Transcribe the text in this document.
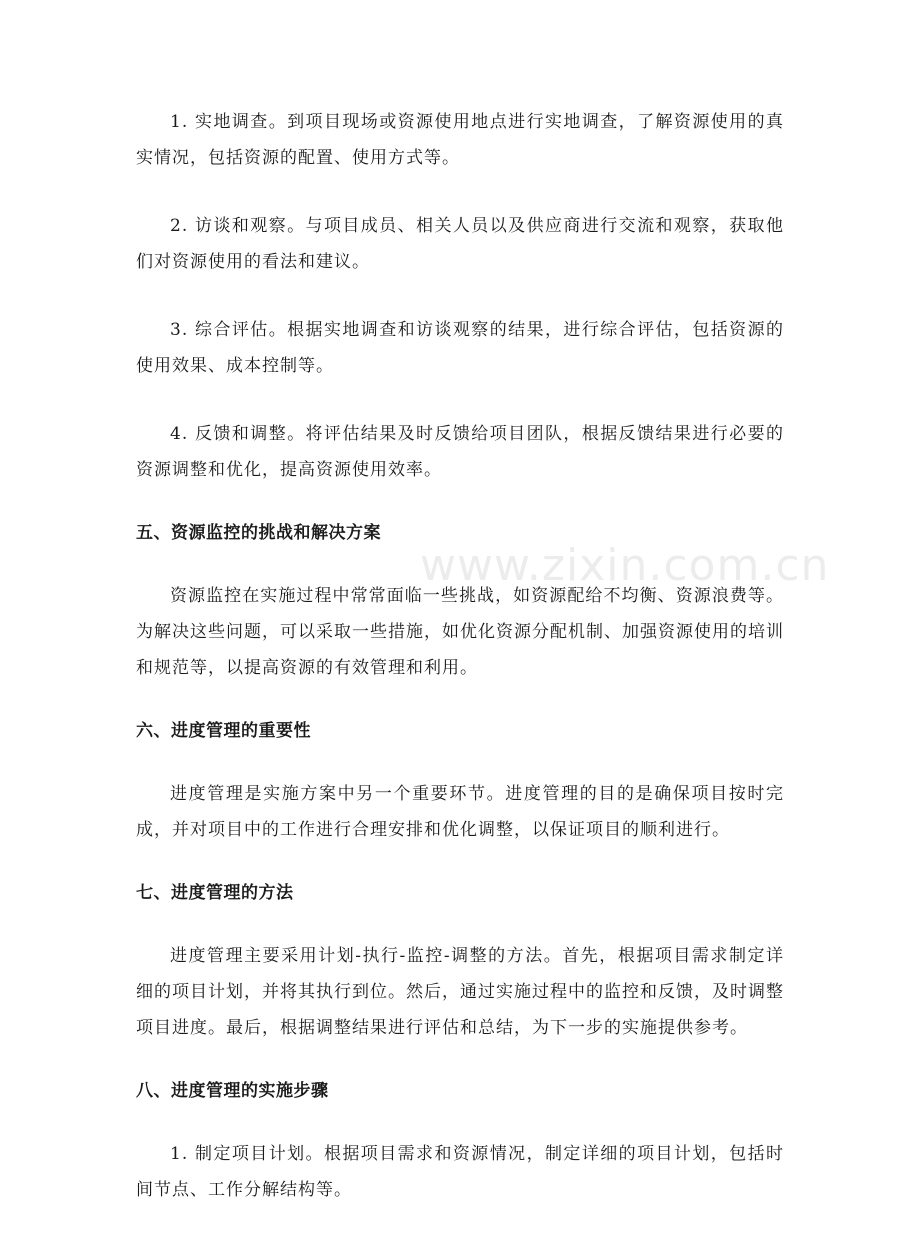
1. 实地调查。到项目现场或资源使用地点进行实地调查，了解资源使用的真实情况，包括资源的配置、使用方式等。

2. 访谈和观察。与项目成员、相关人员以及供应商进行交流和观察，获取他们对资源使用的看法和建议。

3. 综合评估。根据实地调查和访谈观察的结果，进行综合评估，包括资源的使用效果、成本控制等。

4. 反馈和调整。将评估结果及时反馈给项目团队，根据反馈结果进行必要的资源调整和优化，提高资源使用效率。

五、资源监控的挑战和解决方案

资源监控在实施过程中常常面临一些挑战，如资源配给不均衡、资源浪费等。为解决这些问题，可以采取一些措施，如优化资源分配机制、加强资源使用的培训和规范等，以提高资源的有效管理和利用。

六、进度管理的重要性

进度管理是实施方案中另一个重要环节。进度管理的目的是确保项目按时完成，并对项目中的工作进行合理安排和优化调整，以保证项目的顺利进行。

七、进度管理的方法

进度管理主要采用计划-执行-监控-调整的方法。首先，根据项目需求制定详细的项目计划，并将其执行到位。然后，通过实施过程中的监控和反馈，及时调整项目进度。最后，根据调整结果进行评估和总结，为下一步的实施提供参考。

八、进度管理的实施步骤

1. 制定项目计划。根据项目需求和资源情况，制定详细的项目计划，包括时间节点、工作分解结构等。

www.zixin.com.cn
